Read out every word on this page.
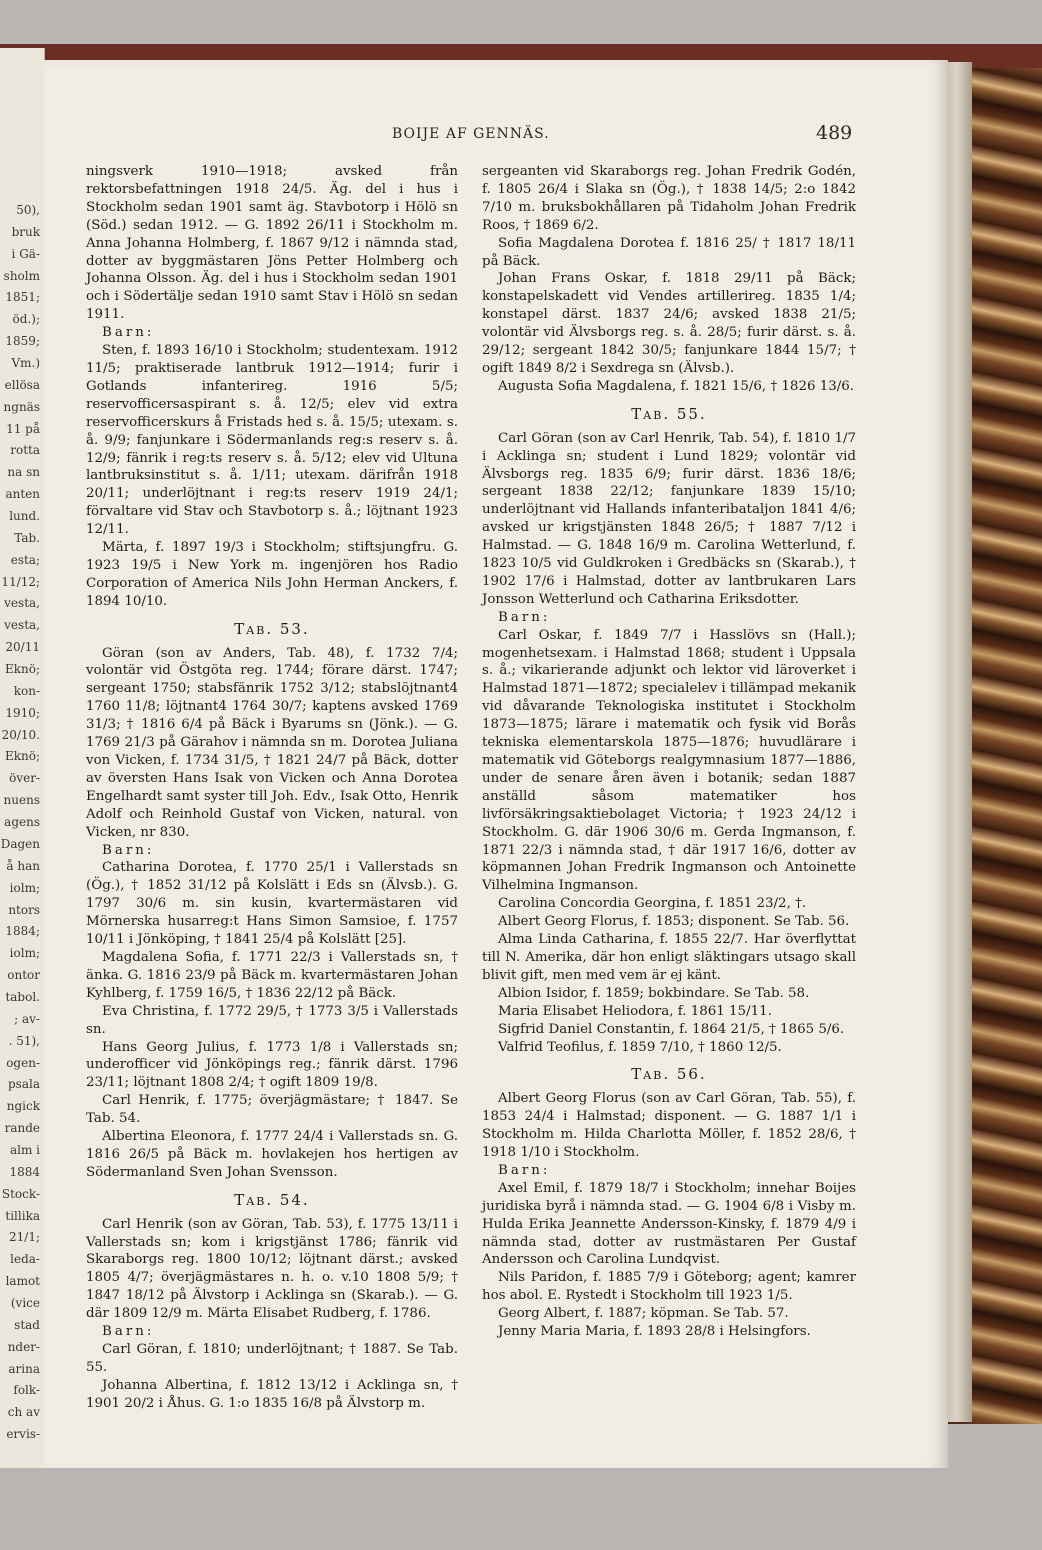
50),
bruk
i Gä-
sholm
1851;
öd.);
1859;
Vm.)
ellösa
ngnäs
11 på
rotta
na sn
anten
lund.
Tab.
esta;
11/12;
vesta,
vesta,
20/11
Eknö;
kon-
1910;
20/10.
Eknö;
över-
nuens
agens
Dagen
å han
iolm;
ntors
1884;
iolm;
ontor
tabol.
; av-
. 51),
ogen-
psala
ngick
rande
alm i
1884
Stock-
tillika
21/1;
leda-
lamot
(vice
stad
nder-
arina
folk-
ch av
ervis-
BOIJE AF GENNÄS.	489

ningsverk 1910—1918; avsked från rektorsbefattningen 1918 24/5. Äg. del i hus i Stockholm sedan 1901 samt äg. Stavbotorp i Hölö sn (Söd.) sedan 1912. — G. 1892 26/11 i Stockholm m. Anna Johanna Holmberg, f. 1867 9/12 i nämnda stad, dotter av byggmästaren Jöns Petter Holmberg och Johanna Olsson. Äg. del i hus i Stockholm sedan 1901 och i Södertälje sedan 1910 samt Stav i Hölö sn sedan 1911.

Barn:

Sten, f. 1893 16/10 i Stockholm; studentexam. 1912 11/5; praktiserade lantbruk 1912—1914; furir i Gotlands infanterireg. 1916 5/5; reservofficersaspirant s. å. 12/5; elev vid extra reservofficerskurs å Fristads hed s. å. 15/5; utexam. s. å. 9/9; fanjunkare i Södermanlands reg:s reserv s. å. 12/9; fänrik i reg:ts reserv s. å. 5/12; elev vid Ultuna lantbruksinstitut s. å. 1/11; utexam. därifrån 1918 20/11; underlöjtnant i reg:ts reserv 1919 24/1; förvaltare vid Stav och Stavbotorp s. å.; löjtnant 1923 12/11.

Märta, f. 1897 19/3 i Stockholm; stiftsjungfru. G. 1923 19/5 i New York m. ingenjören hos Radio Corporation of America Nils John Herman Anckers, f. 1894 10/10.

Tab. 53.

Göran (son av Anders, Tab. 48), f. 1732 7/4; volontär vid Östgöta reg. 1744; förare därst. 1747; sergeant 1750; stabsfänrik 1752 3/12; stabslöjtnant4 1760 11/8; löjtnant4 1764 30/7; kaptens avsked 1769 31/3; † 1816 6/4 på Bäck i Byarums sn (Jönk.). — G. 1769 21/3 på Gärahov i nämnda sn m. Dorotea Juliana von Vicken, f. 1734 31/5, † 1821 24/7 på Bäck, dotter av översten Hans Isak von Vicken och Anna Dorotea Engelhardt samt syster till Joh. Edv., Isak Otto, Henrik Adolf och Reinhold Gustaf von Vicken, natural. von Vicken, nr 830.

Barn:

Catharina Dorotea, f. 1770 25/1 i Vallerstads sn (Ög.), † 1852 31/12 på Kolslätt i Eds sn (Älvsb.). G. 1797 30/6 m. sin kusin, kvartermästaren vid Mörnerska husarreg:t Hans Simon Samsioe, f. 1757 10/11 i Jönköping, † 1841 25/4 på Kolslätt [25].

Magdalena Sofia, f. 1771 22/3 i Vallerstads sn, † änka. G. 1816 23/9 på Bäck m. kvartermästaren Johan Kyhlberg, f. 1759 16/5, † 1836 22/12 på Bäck.

Eva Christina, f. 1772 29/5, † 1773 3/5 i Vallerstads sn.

Hans Georg Julius, f. 1773 1/8 i Vallerstads sn; underofficer vid Jönköpings reg.; fänrik därst. 1796 23/11; löjtnant 1808 2/4; † ogift 1809 19/8.

Carl Henrik, f. 1775; överjägmästare; † 1847. Se Tab. 54.

Albertina Eleonora, f. 1777 24/4 i Vallerstads sn. G. 1816 26/5 på Bäck m. hovlakejen hos hertigen av Södermanland Sven Johan Svensson.

Tab. 54.

Carl Henrik (son av Göran, Tab. 53), f. 1775 13/11 i Vallerstads sn; kom i krigstjänst 1786; fänrik vid Skaraborgs reg. 1800 10/12; löjtnant därst.; avsked 1805 4/7; överjägmästares n. h. o. v.10 1808 5/9; † 1847 18/12 på Älvstorp i Acklinga sn (Skarab.). — G. där 1809 12/9 m. Märta Elisabet Rudberg, f. 1786.

Barn:

Carl Göran, f. 1810; underlöjtnant; † 1887. Se Tab. 55.

Johanna Albertina, f. 1812 13/12 i Acklinga sn, † 1901 20/2 i Åhus. G. 1:o 1835 16/8 på Älvstorp m.

sergeanten vid Skaraborgs reg. Johan Fredrik Godén, f. 1805 26/4 i Slaka sn (Ög.), † 1838 14/5; 2:o 1842 7/10 m. bruksbokhållaren på Tidaholm Johan Fredrik Roos, † 1869 6/2.

Sofia Magdalena Dorotea f. 1816 25/ † 1817 18/11 på Bäck.

Johan Frans Oskar, f. 1818 29/11 på Bäck; konstapelskadett vid Vendes artillerireg. 1835 1/4; konstapel därst. 1837 24/6; avsked 1838 21/5; volontär vid Älvsborgs reg. s. å. 28/5; furir därst. s. å. 29/12; sergeant 1842 30/5; fanjunkare 1844 15/7; † ogift 1849 8/2 i Sexdrega sn (Älvsb.).

Augusta Sofia Magdalena, f. 1821 15/6, † 1826 13/6.

Tab. 55.

Carl Göran (son av Carl Henrik, Tab. 54), f. 1810 1/7 i Acklinga sn; student i Lund 1829; volontär vid Älvsborgs reg. 1835 6/9; furir därst. 1836 18/6; sergeant 1838 22/12; fanjunkare 1839 15/10; underlöjtnant vid Hallands infanteribataljon 1841 4/6; avsked ur krigstjänsten 1848 26/5; † 1887 7/12 i Halmstad. — G. 1848 16/9 m. Carolina Wetterlund, f. 1823 10/5 vid Guldkroken i Gredbäcks sn (Skarab.), † 1902 17/6 i Halmstad, dotter av lantbrukaren Lars Jonsson Wetterlund och Catharina Eriksdotter.

Barn:

Carl Oskar, f. 1849 7/7 i Hasslövs sn (Hall.); mogenhetsexam. i Halmstad 1868; student i Uppsala s. å.; vikarierande adjunkt och lektor vid läroverket i Halmstad 1871—1872; specialelev i tillämpad mekanik vid dåvarande Teknologiska institutet i Stockholm 1873—1875; lärare i matematik och fysik vid Borås tekniska elementarskola 1875—1876; huvudlärare i matematik vid Göteborgs realgymnasium 1877—1886, under de senare åren även i botanik; sedan 1887 anställd såsom matematiker hos livförsäkringsaktiebolaget Victoria; † 1923 24/12 i Stockholm. G. där 1906 30/6 m. Gerda Ingmanson, f. 1871 22/3 i nämnda stad, † där 1917 16/6, dotter av köpmannen Johan Fredrik Ingmanson och Antoinette Vilhelmina Ingmanson.

Carolina Concordia Georgina, f. 1851 23/2, †.

Albert Georg Florus, f. 1853; disponent. Se Tab. 56.

Alma Linda Catharina, f. 1855 22/7. Har överflyttat till N. Amerika, där hon enligt släktingars utsago skall blivit gift, men med vem är ej känt.

Albion Isidor, f. 1859; bokbindare. Se Tab. 58.

Maria Elisabet Heliodora, f. 1861 15/11.

Sigfrid Daniel Constantin, f. 1864 21/5, † 1865 5/6.

Valfrid Teofilus, f. 1859 7/10, † 1860 12/5.

Tab. 56.

Albert Georg Florus (son av Carl Göran, Tab. 55), f. 1853 24/4 i Halmstad; disponent. — G. 1887 1/1 i Stockholm m. Hilda Charlotta Möller, f. 1852 28/6, † 1918 1/10 i Stockholm.

Barn:

Axel Emil, f. 1879 18/7 i Stockholm; innehar Boijes juridiska byrå i nämnda stad. — G. 1904 6/8 i Visby m. Hulda Erika Jeannette Andersson-Kinsky, f. 1879 4/9 i nämnda stad, dotter av rustmästaren Per Gustaf Andersson och Carolina Lundqvist.

Nils Paridon, f. 1885 7/9 i Göteborg; agent; kamrer hos abol. E. Rystedt i Stockholm till 1923 1/5.

Georg Albert, f. 1887; köpman. Se Tab. 57.

Jenny Maria Maria, f. 1893 28/8 i Helsingfors.
